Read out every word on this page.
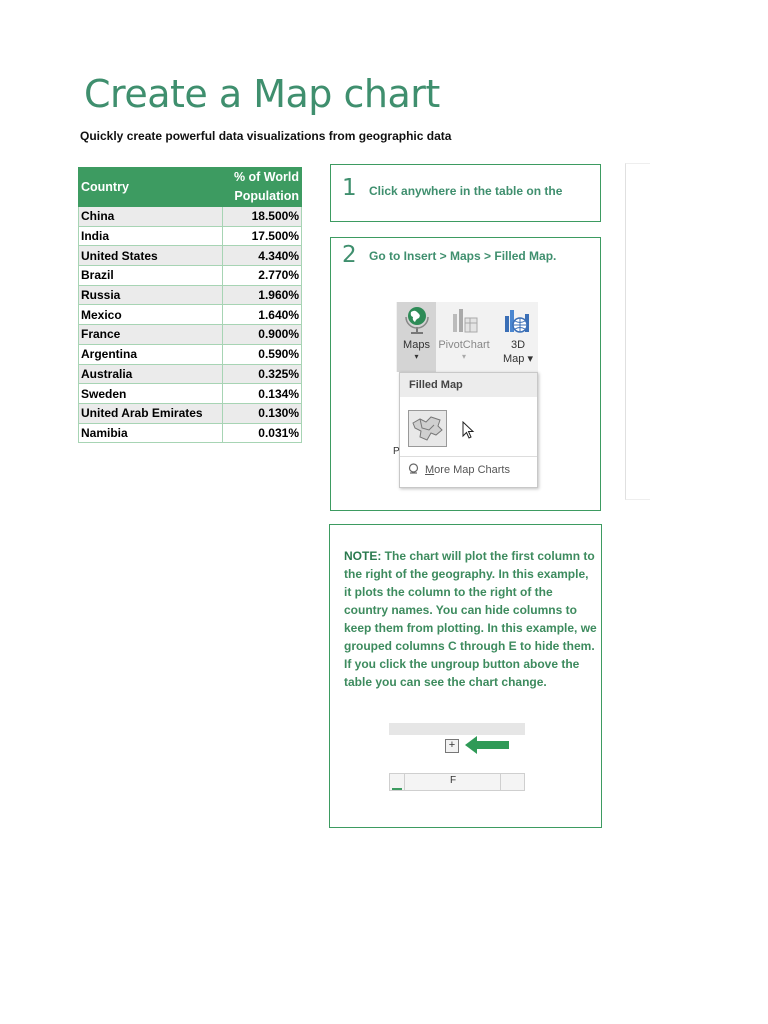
Create a Map chart

Quickly create powerful data visualizations from geographic data

Country	% of World
Population
China	18.500%
India	17.500%
United States	4.340%
Brazil	2.770%
Russia	1.960%
Mexico	1.640%
France	0.900%
Argentina	0.590%
Australia	0.325%
Sweden	0.134%
United Arab Emirates	0.130%
Namibia	0.031%
1 Click anywhere in the table on the
2 Go to Insert > Maps > Filled Map.
Maps
▾
PivotChart
▾
3D
Map ▾
Filled Map
More Map Charts
P

NOTE: The chart will plot the first column to the right of the geography. In this example, it plots the column to the right of the country names. You can hide columns to keep them from plotting. In this example, we grouped columns C through E to hide them. If you click the ungroup button above the table you can see the chart change.

+
F
